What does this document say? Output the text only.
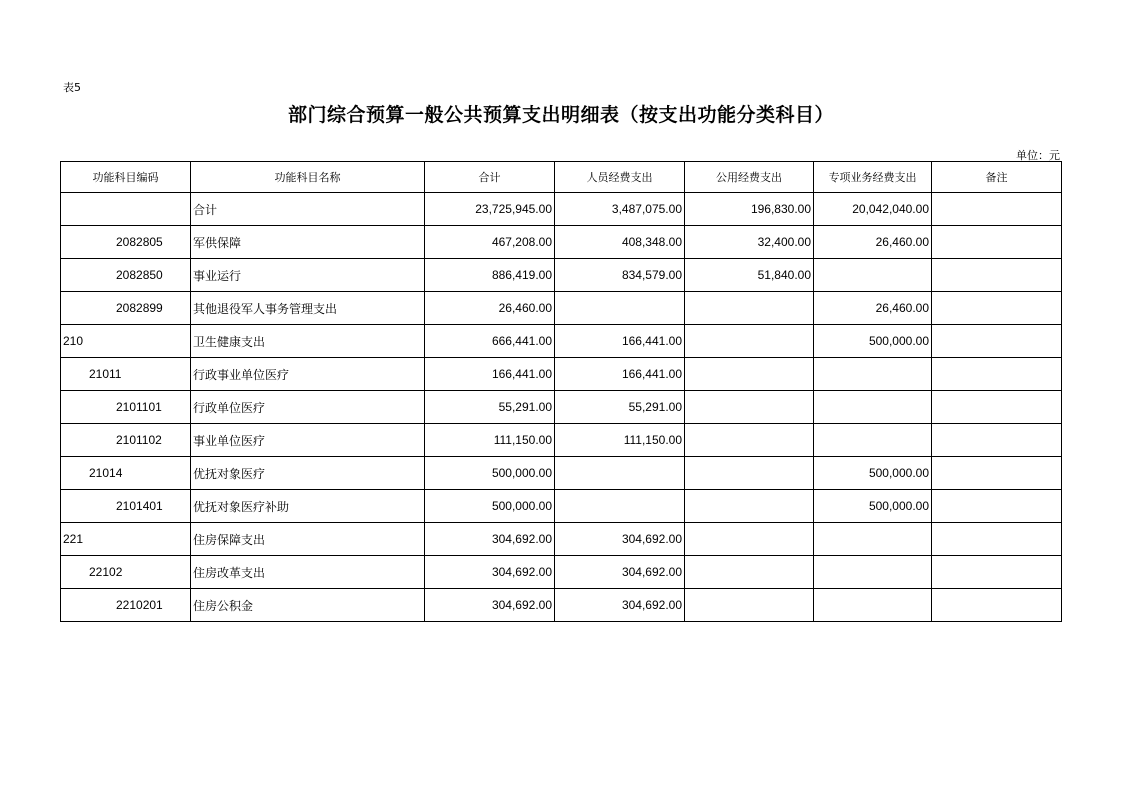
表5
部门综合预算一般公共预算支出明细表（按支出功能分类科目）
单位：元
功能科目编码	功能科目名称	合计	人员经费支出	公用经费支出	专项业务经费支出	备注
	合计	23,725,945.00	3,487,075.00	196,830.00	20,042,040.00	
2082805	军供保障	467,208.00	408,348.00	32,400.00	26,460.00	
2082850	事业运行	886,419.00	834,579.00	51,840.00		
2082899	其他退役军人事务管理支出	26,460.00			26,460.00	
210	卫生健康支出	666,441.00	166,441.00		500,000.00	
21011	行政事业单位医疗	166,441.00	166,441.00			
2101101	行政单位医疗	55,291.00	55,291.00			
2101102	事业单位医疗	111,150.00	111,150.00			
21014	优抚对象医疗	500,000.00			500,000.00	
2101401	优抚对象医疗补助	500,000.00			500,000.00	
221	住房保障支出	304,692.00	304,692.00			
22102	住房改革支出	304,692.00	304,692.00			
2210201	住房公积金	304,692.00	304,692.00			
